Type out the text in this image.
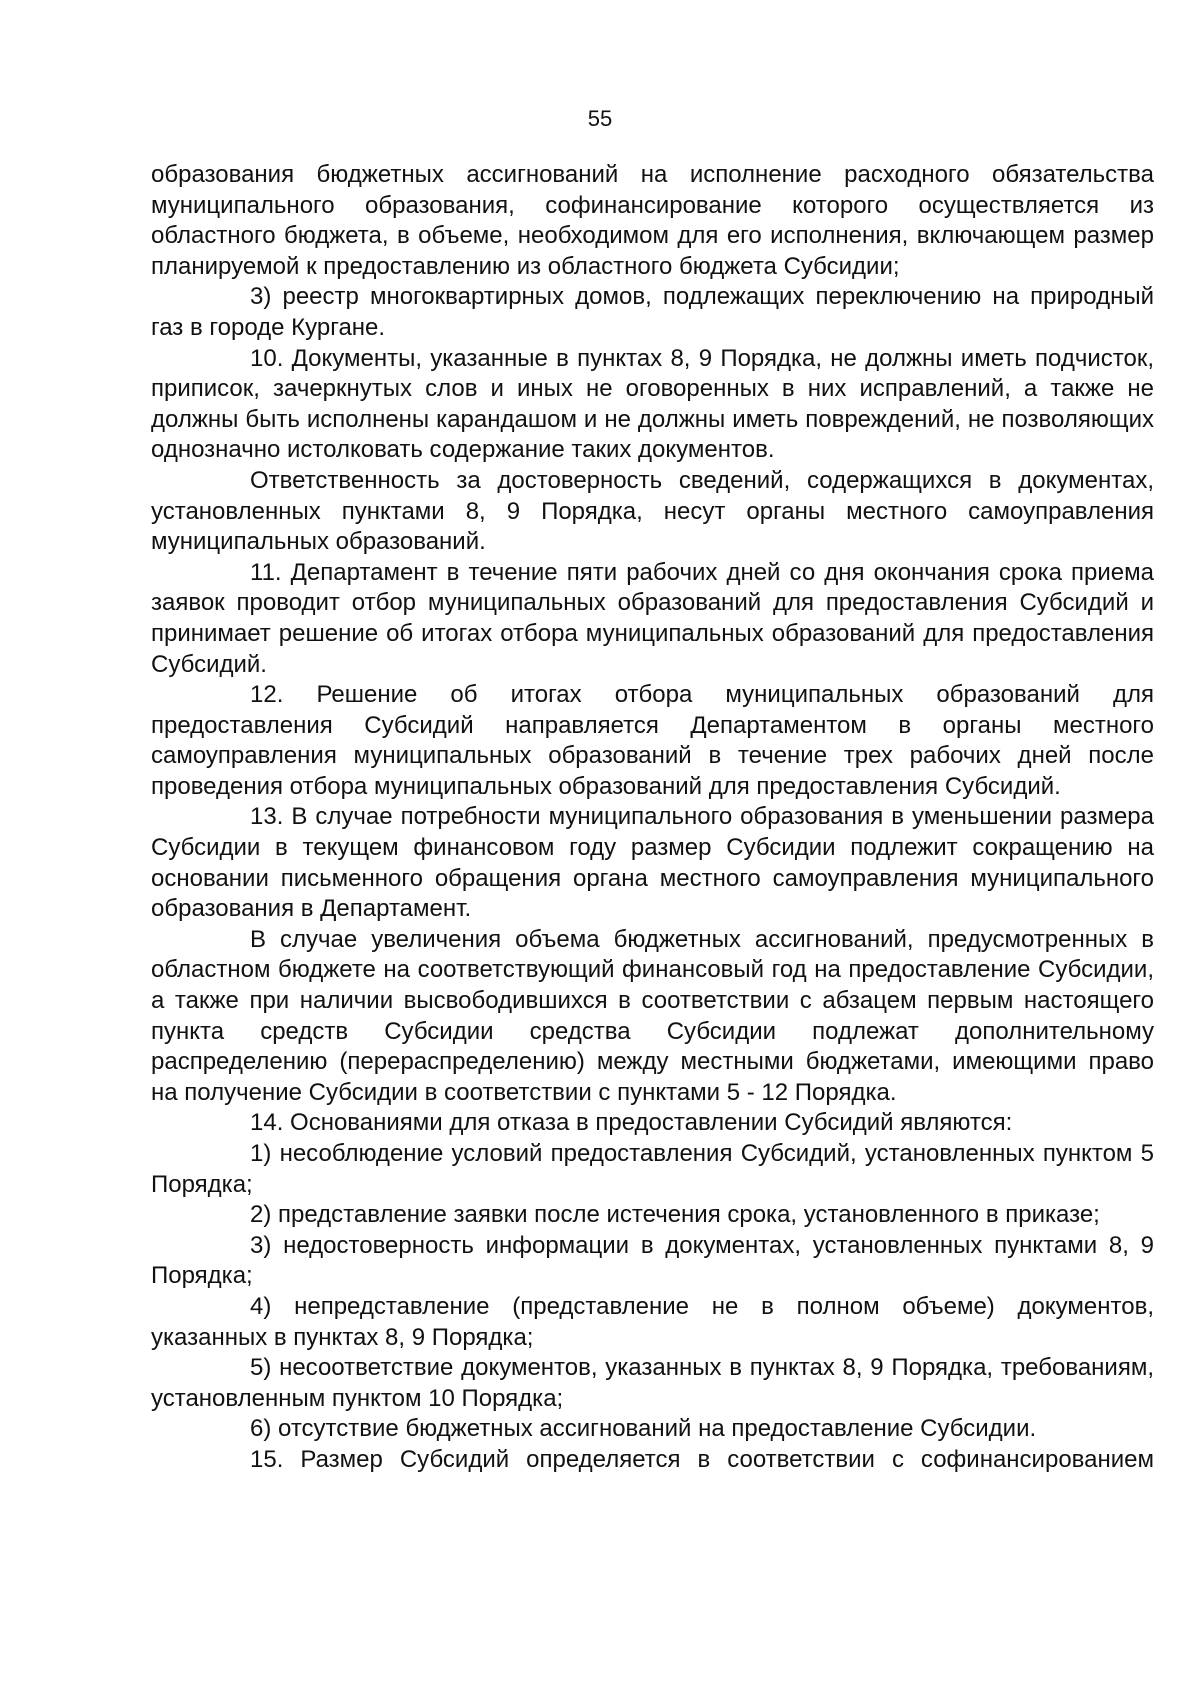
55

образования бюджетных ассигнований на исполнение расходного обязательства муниципального образования, софинансирование которого осуществляется из областного бюджета, в объеме, необходимом для его исполнения, включающем размер планируемой к предоставлению из областного бюджета Субсидии;

3) реестр многоквартирных домов, подлежащих переключению на природный газ в городе Кургане.

10. Документы, указанные в пунктах 8, 9 Порядка, не должны иметь подчисток, приписок, зачеркнутых слов и иных не оговоренных в них исправлений, а также не должны быть исполнены карандашом и не должны иметь повреждений, не позволяющих однозначно истолковать содержание таких документов.

Ответственность за достоверность сведений, содержащихся в документах, установленных пунктами 8, 9 Порядка, несут органы местного самоуправления муниципальных образований.

11. Департамент в течение пяти рабочих дней со дня окончания срока приема заявок проводит отбор муниципальных образований для предоставления Субсидий и принимает решение об итогах отбора муниципальных образований для предоставления Субсидий.

12. Решение об итогах отбора муниципальных образований для предоставления Субсидий направляется Департаментом в органы местного самоуправления муниципальных образований в течение трех рабочих дней после проведения отбора муниципальных образований для предоставления Субсидий.

13. В случае потребности муниципального образования в уменьшении размера Субсидии в текущем финансовом году размер Субсидии подлежит сокращению на основании письменного обращения органа местного самоуправления муниципального образования в Департамент.

В случае увеличения объема бюджетных ассигнований, предусмотренных в областном бюджете на соответствующий финансовый год на предоставление Субсидии, а также при наличии высвободившихся в соответствии с абзацем первым настоящего пункта средств Субсидии средства Субсидии подлежат дополнительному распределению (перераспределению) между местными бюджетами, имеющими право на получение Субсидии в соответствии с пунктами 5 - 12 Порядка.

14. Основаниями для отказа в предоставлении Субсидий являются:

1) несоблюдение условий предоставления Субсидий, установленных пунктом 5 Порядка;

2) представление заявки после истечения срока, установленного в приказе;

3) недостоверность информации в документах, установленных пунктами 8, 9 Порядка;

4) непредставление (представление не в полном объеме) документов, указанных в пунктах 8, 9 Порядка;

5) несоответствие документов, указанных в пунктах 8, 9 Порядка, требованиям, установленным пунктом 10 Порядка;

6) отсутствие бюджетных ассигнований на предоставление Субсидии.

15. Размер Субсидий определяется в соответствии с софинансированием
